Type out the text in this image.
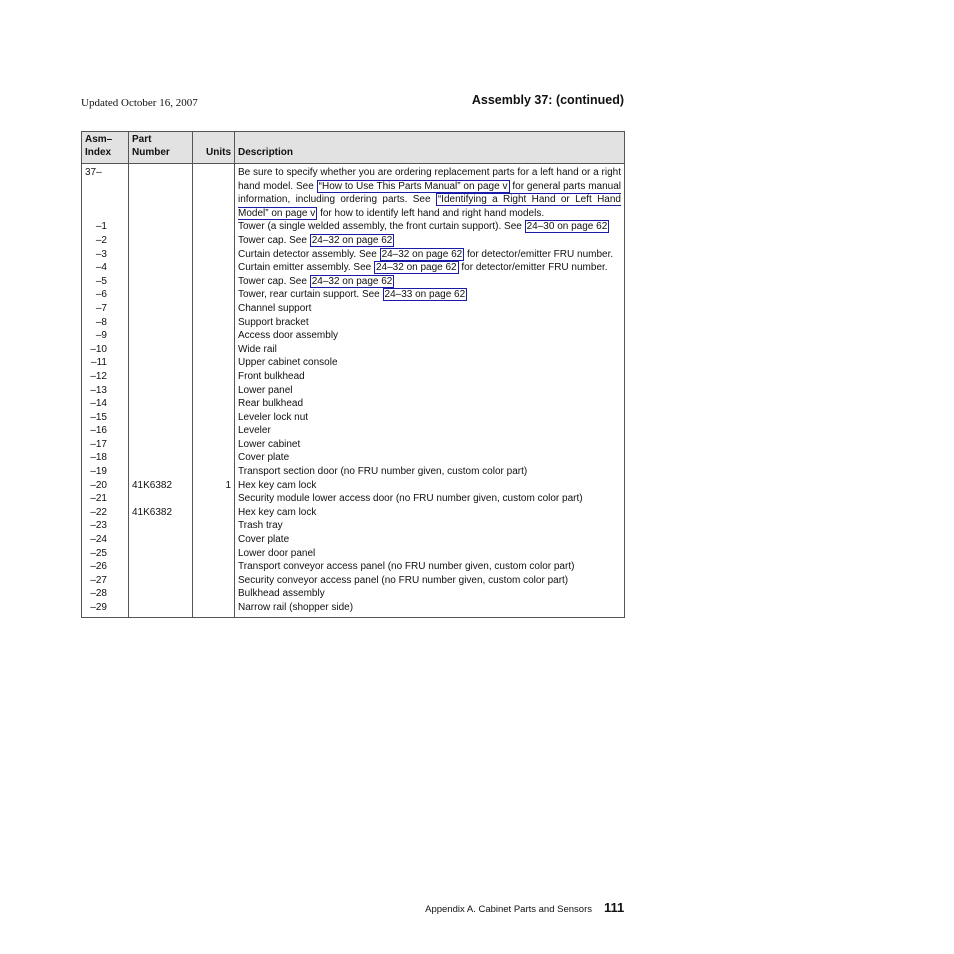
Updated October 16, 2007	Assembly 37: (continued)
Asm– Index	Part Number	Units	Description
37–			Be sure to specify whether you are ordering replacement parts for a left hand or a right hand model. See “How to Use This Parts Manual” on page v for general parts manual information, including ordering parts. See “Identifying a Right Hand or Left Hand Model” on page v for how to identify left hand and right hand models.
–1			Tower (a single welded assembly, the front curtain support). See 24–30 on page 62
–2			Tower cap. See 24–32 on page 62
–3			Curtain detector assembly. See 24–32 on page 62 for detector/emitter FRU number.
–4			Curtain emitter assembly. See 24–32 on page 62 for detector/emitter FRU number.
–5			Tower cap. See 24–32 on page 62
–6			Tower, rear curtain support. See 24–33 on page 62
–7			Channel support
–8			Support bracket
–9			Access door assembly
–10			Wide rail
–11			Upper cabinet console
–12			Front bulkhead
–13			Lower panel
–14			Rear bulkhead
–15			Leveler lock nut
–16			Leveler
–17			Lower cabinet
–18			Cover plate
–19			Transport section door (no FRU number given, custom color part)
–20	41K6382	1	Hex key cam lock
–21			Security module lower access door (no FRU number given, custom color part)
–22	41K6382		Hex key cam lock
–23			Trash tray
–24			Cover plate
–25			Lower door panel
–26			Transport conveyor access panel (no FRU number given, custom color part)
–27			Security conveyor access panel (no FRU number given, custom color part)
–28			Bulkhead assembly
–29			Narrow rail (shopper side)
Appendix A. Cabinet Parts and Sensors 111
